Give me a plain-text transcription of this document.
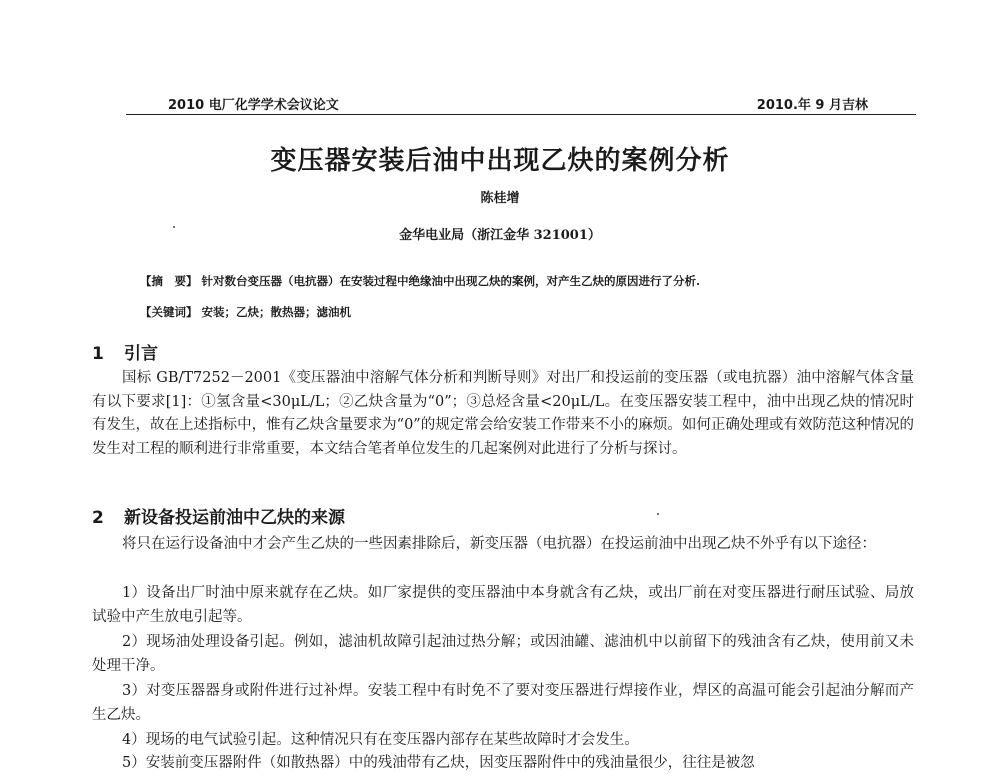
2010 电厂化学学术会议论文	2010.年 9 月吉林
变压器安装后油中出现乙炔的案例分析
陈桂增
金华电业局（浙江金华 321001）
【摘　要】 针对数台变压器（电抗器）在安装过程中绝缘油中出现乙炔的案例，对产生乙炔的原因进行了分析.
【关键词】 安装；乙炔；散热器；滤油机
1 引言
国标 GB/T7252－2001《变压器油中溶解气体分析和判断导则》对出厂和投运前的变压器（或电抗器）油中溶解气体含量有以下要求[1]：①氢含量<30μL/L；②乙炔含量为“0”；③总烃含量<20μL/L。在变压器安装工程中，油中出现乙炔的情况时有发生，故在上述指标中，惟有乙炔含量要求为“0”的规定常会给安装工作带来不小的麻烦。如何正确处理或有效防范这种情况的发生对工程的顺利进行非常重要，本文结合笔者单位发生的几起案例对此进行了分析与探讨。
2 新设备投运前油中乙炔的来源
将只在运行设备油中才会产生乙炔的一些因素排除后，新变压器（电抗器）在投运前油中出现乙炔不外乎有以下途径：
1）设备出厂时油中原来就存在乙炔。如厂家提供的变压器油中本身就含有乙炔，或出厂前在对变压器进行耐压试验、局放试验中产生放电引起等。
2）现场油处理设备引起。例如，滤油机故障引起油过热分解；或因油罐、滤油机中以前留下的残油含有乙炔，使用前又未处理干净。
3）对变压器器身或附件进行过补焊。安装工程中有时免不了要对变压器进行焊接作业，焊区的高温可能会引起油分解而产生乙炔。
4）现场的电气试验引起。这种情况只有在变压器内部存在某些故障时才会发生。
5）安装前变压器附件（如散热器）中的残油带有乙炔，因变压器附件中的残油量很少，往往是被忽
